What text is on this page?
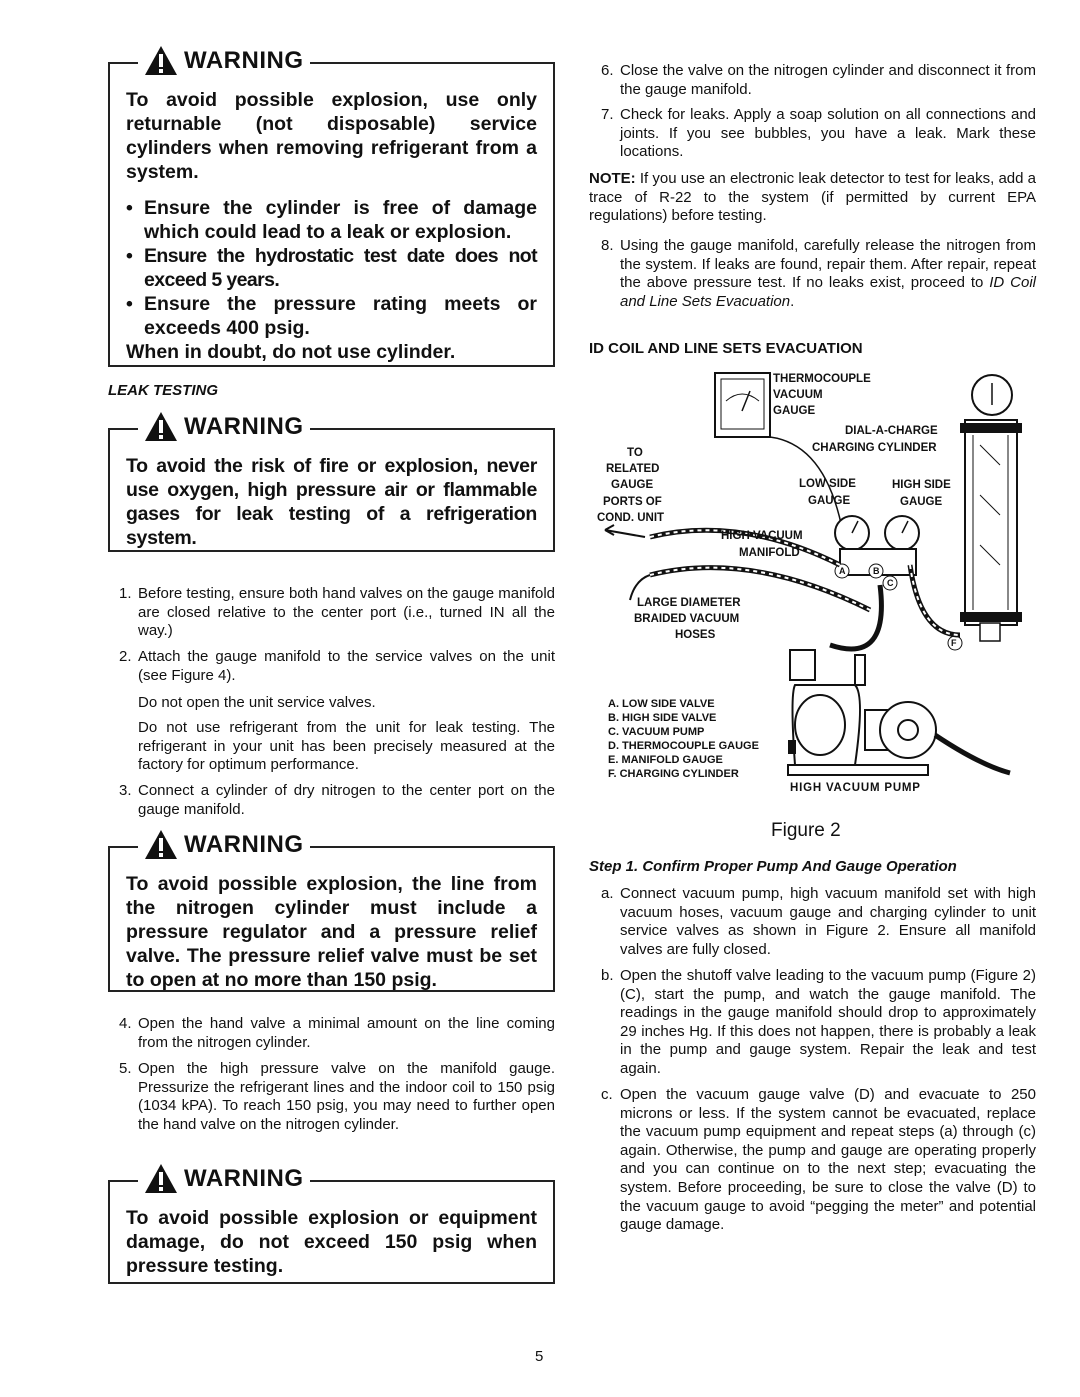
WARNING

To avoid possible explosion, use only returnable (not disposable) service cylinders when removing refrigerant from a system.

• Ensure the cylinder is free of damage which could lead to a leak or explosion.
• Ensure the hydrostatic test date does not exceed 5 years.
• Ensure the pressure rating meets or exceeds 400 psig.

When in doubt, do not use cylinder.

LEAK TESTING
WARNING

To avoid the risk of fire or explosion, never use oxygen, high pressure air or flammable gases for leak testing of a refrigeration system.

1. Before testing, ensure both hand valves on the gauge manifold are closed relative to the center port (i.e., turned IN all the way.)
2. Attach the gauge manifold to the service valves on the unit (see Figure 4).
Do not open the unit service valves.
Do not use refrigerant from the unit for leak testing. The refrigerant in your unit has been precisely measured at the factory for optimum performance.
3. Connect a cylinder of dry nitrogen to the center port on the gauge manifold.
WARNING

To avoid possible explosion, the line from the nitrogen cylinder must include a pressure regulator and a pressure relief valve. The pressure relief valve must be set to open at no more than 150 psig.

4. Open the hand valve a minimal amount on the line coming from the nitrogen cylinder.
5. Open the high pressure valve on the manifold gauge. Pressurize the refrigerant lines and the indoor coil to 150 psig (1034 kPA). To reach 150 psig, you may need to further open the hand valve on the nitrogen cylinder.
WARNING

To avoid possible explosion or equipment damage, do not exceed 150 psig when pressure testing.

6. Close the valve on the nitrogen cylinder and disconnect it from the gauge manifold.
7. Check for leaks. Apply a soap solution on all connections and joints. If you see bubbles, you have a leak. Mark these locations.
NOTE: If you use an electronic leak detector to test for leaks, add a trace of R-22 to the system (if permitted by current EPA regulations) before testing.
8. Using the gauge manifold, carefully release the nitrogen from the system. If leaks are found, repair them. After repair, repeat the above pressure test. If no leaks exist, proceed to ID Coil and Line Sets Evacuation.
ID COIL AND LINE SETS EVACUATION
THERMOCOUPLE
VACUUM
GAUGE
DIAL-A-CHARGE
CHARGING CYLINDER
TO
RELATED
GAUGE
PORTS OF
COND. UNIT
LOW SIDE
GAUGE
HIGH SIDE
GAUGE
HIGH VACUUM
MANIFOLD
LARGE DIAMETER
BRAIDED VACUUM
HOSES
A	B
C
F
HIGH VACUUM PUMP
A. LOW SIDE VALVE
B. HIGH SIDE VALVE
C. VACUUM PUMP
D. THERMOCOUPLE GAUGE
E. MANIFOLD GAUGE
F. CHARGING CYLINDER
Figure 2
Step 1. Confirm Proper Pump And Gauge Operation
a. Connect vacuum pump, high vacuum manifold set with high vacuum hoses, vacuum gauge and charging cylinder to unit service valves as shown in Figure 2. Ensure all manifold valves are fully closed.
b. Open the shutoff valve leading to the vacuum pump (Figure 2) (C), start the pump, and watch the gauge manifold. The readings in the gauge manifold should drop to approximately 29 inches Hg. If this does not happen, there is probably a leak in the pump and gauge system. Repair the leak and test again.
c. Open the vacuum gauge valve (D) and evacuate to 250 microns or less. If the system cannot be evacuated, replace the vacuum pump equipment and repeat steps (a) through (c) again. Otherwise, the pump and gauge are operating properly and you can continue on to the next step; evacuating the system. Before proceeding, be sure to close the valve (D) to the vacuum gauge to avoid “pegging the meter” and potential gauge damage.
5
